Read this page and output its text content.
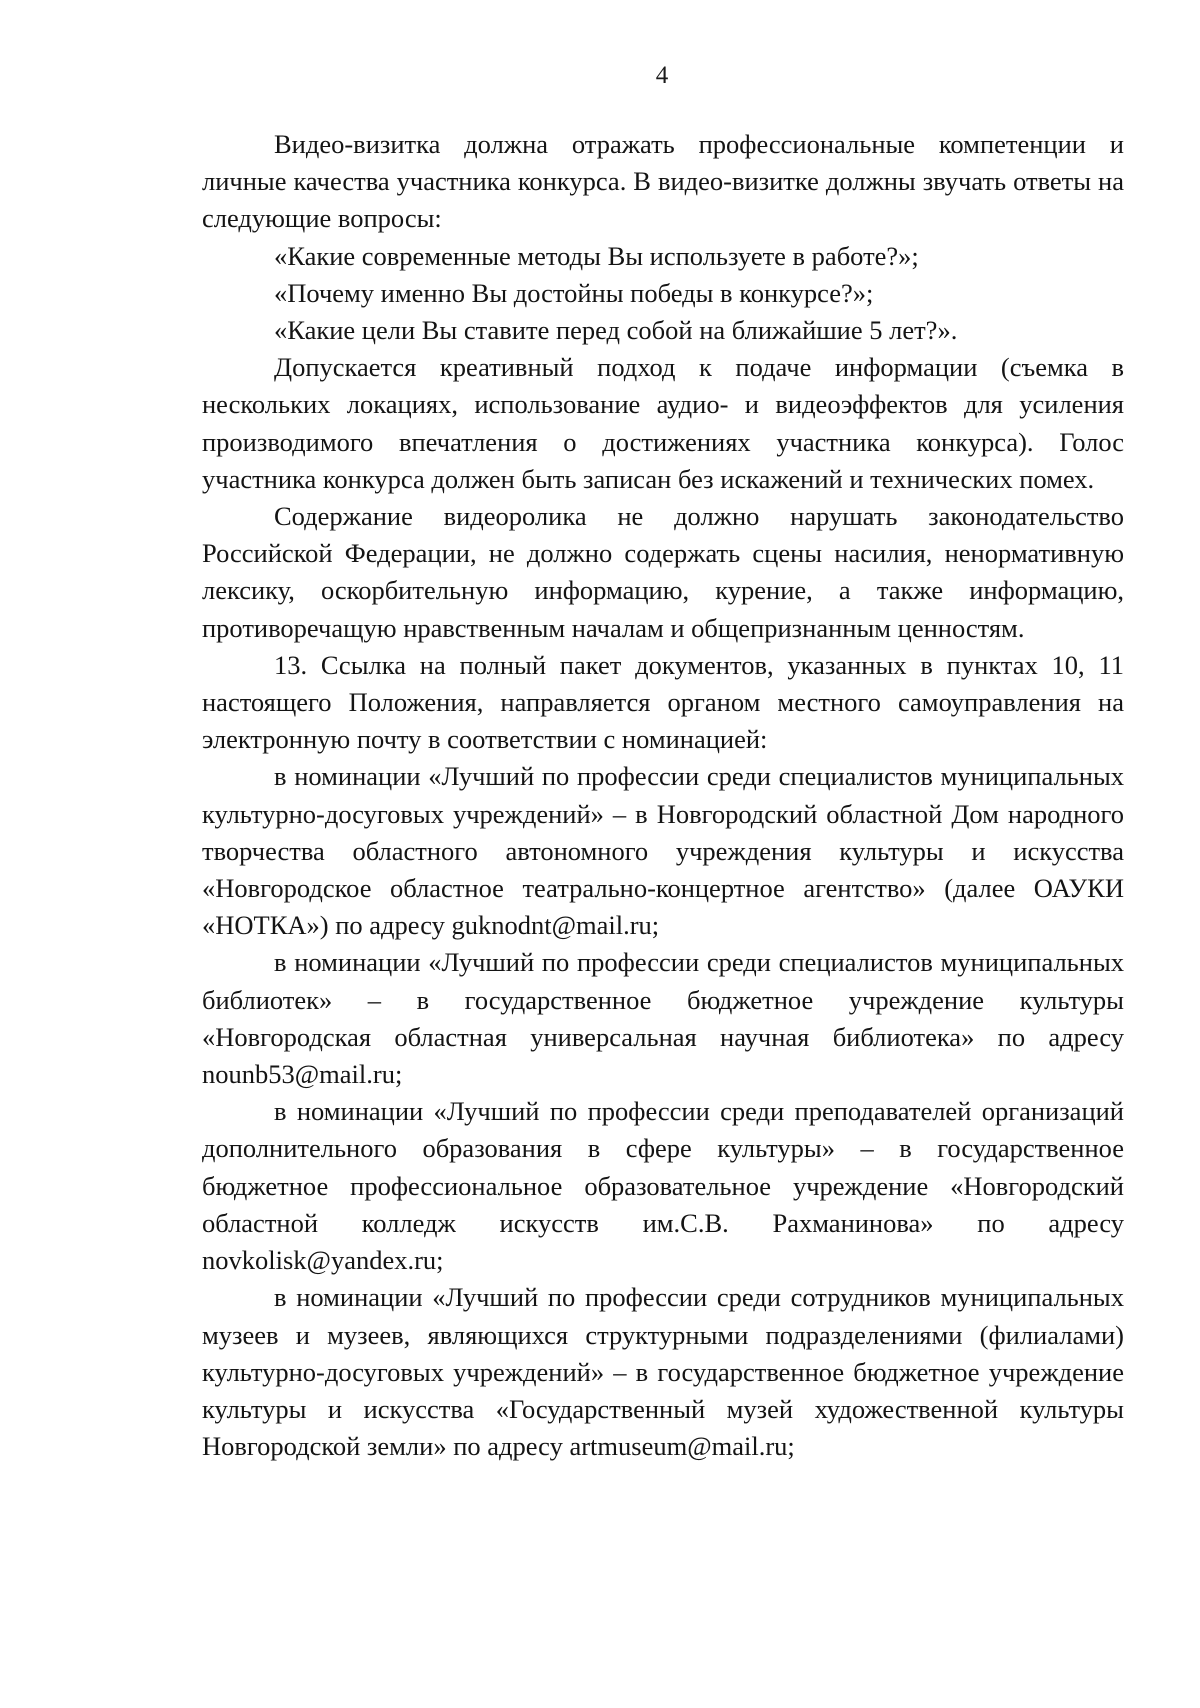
4

Видео-визитка должна отражать профессиональные компетенции и личные качества участника конкурса. В видео-визитке должны звучать ответы на следующие вопросы:

«Какие современные методы Вы используете в работе?»;

«Почему именно Вы достойны победы в конкурсе?»;

«Какие цели Вы ставите перед собой на ближайшие 5 лет?».

Допускается креативный подход к подаче информации (съемка в нескольких локациях, использование аудио- и видеоэффектов для усиления производимого впечатления о достижениях участника конкурса). Голос участника конкурса должен быть записан без искажений и технических помех.

Содержание видеоролика не должно нарушать законодательство Российской Федерации, не должно содержать сцены насилия, ненормативную лексику, оскорбительную информацию, курение, а также информацию, противоречащую нравственным началам и общепризнанным ценностям.

13. Ссылка на полный пакет документов, указанных в пунктах 10, 11 настоящего Положения, направляется органом местного самоуправления на электронную почту в соответствии с номинацией:

в номинации «Лучший по профессии среди специалистов муниципальных культурно-досуговых учреждений» – в Новгородский областной Дом народного творчества областного автономного учреждения культуры и искусства «Новгородское областное театрально-концертное агентство» (далее ОАУКИ «НОТКА») по адресу guknodnt@mail.ru;

в номинации «Лучший по профессии среди специалистов муниципальных библиотек» – в государственное бюджетное учреждение культуры «Новгородская областная универсальная научная библиотека» по адресу nounb53@mail.ru;

в номинации «Лучший по профессии среди преподавателей организаций дополнительного образования в сфере культуры» – в государственное бюджетное профессиональное образовательное учреждение «Новгородский областной колледж искусств им.С.В. Рахманинова» по адресу novkolisk@yandex.ru;

в номинации «Лучший по профессии среди сотрудников муниципальных музеев и музеев, являющихся структурными подразделениями (филиалами) культурно-досуговых учреждений» – в государственное бюджетное учреждение культуры и искусства «Государственный музей художественной культуры Новгородской земли» по адресу artmuseum@mail.ru;
